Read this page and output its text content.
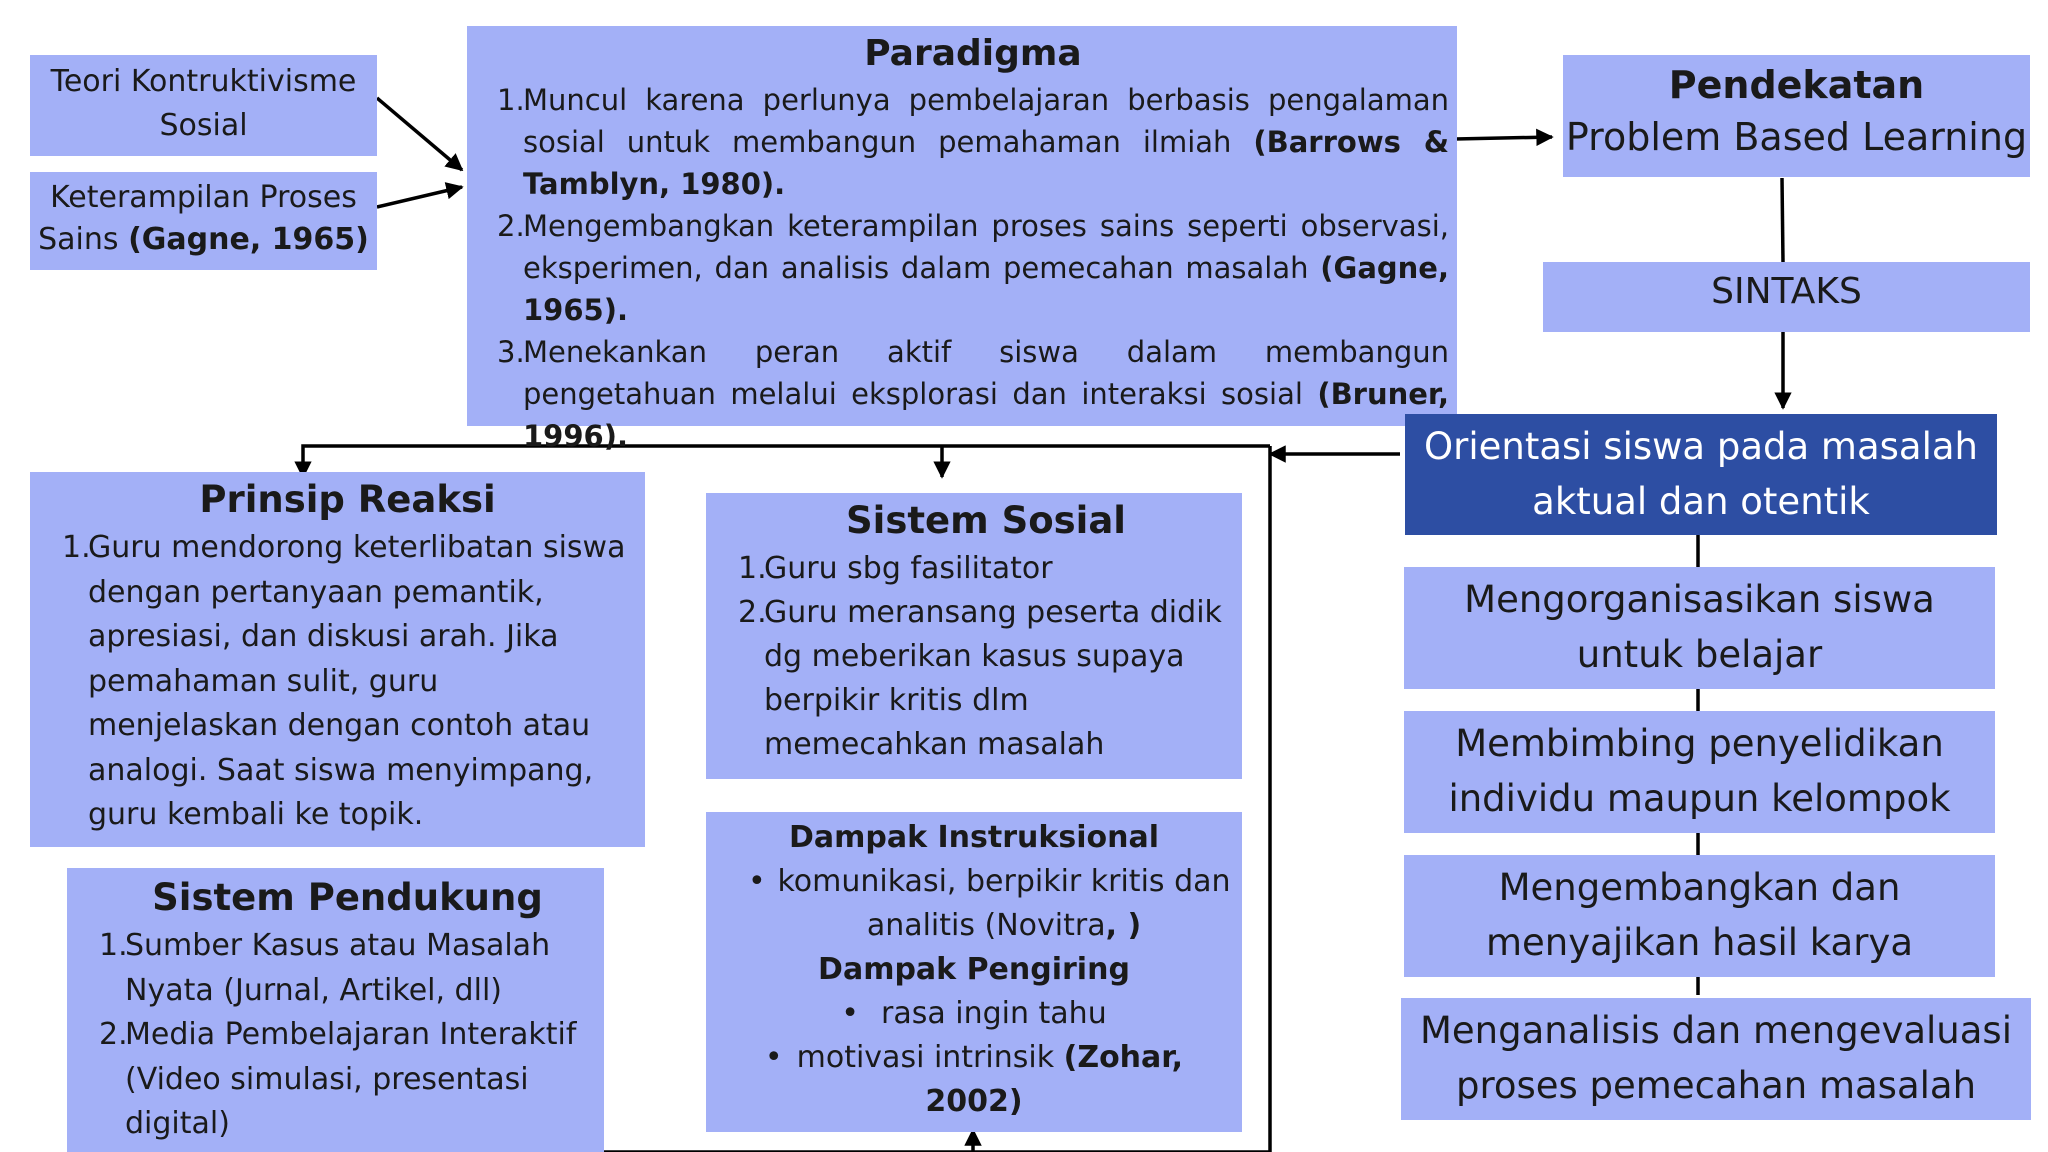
Teori Kontruktivisme
Sosial
Keterampilan Proses
Sains (Gagne, 1965)
Paradigma
1.
Muncul karena perlunya pembelajaran berbasis pengalaman sosial untuk membangun pemahaman ilmiah (Barrows & Tamblyn, 1980).
2.
Mengembangkan keterampilan proses sains seperti observasi, eksperimen, dan analisis dalam pemecahan masalah (Gagne, 1965).
3.
Menekankan peran aktif siswa dalam membangun pengetahuan melalui eksplorasi dan interaksi sosial (Bruner, 1996).
Pendekatan
Problem Based Learning
SINTAKS
Orientasi siswa pada masalah
aktual dan otentik
Mengorganisasikan siswa
untuk belajar
Membimbing penyelidikan
individu maupun kelompok
Mengembangkan dan
menyajikan hasil karya
Menganalisis dan mengevaluasi
proses pemecahan masalah
Prinsip Reaksi
1.
Guru mendorong keterlibatan siswa dengan pertanyaan pemantik, apresiasi, dan diskusi arah. Jika pemahaman sulit, guru menjelaskan dengan contoh atau analogi. Saat siswa menyimpang, guru kembali ke topik.
Sistem Sosial
1.
Guru sbg fasilitator
2.
Guru meransang peserta didik dg meberikan kasus supaya berpikir kritis dlm memecahkan masalah
Sistem Pendukung
1.
Sumber Kasus atau Masalah Nyata (Jurnal, Artikel, dll)
2.
Media Pembelajaran Interaktif (Video simulasi, presentasi digital)
Dampak Instruksional
• komunikasi, berpikir kritis dan
analitis (Novitra, )
Dampak Pengiring
• rasa ingin tahu
• motivasi intrinsik (Zohar, 2002)
